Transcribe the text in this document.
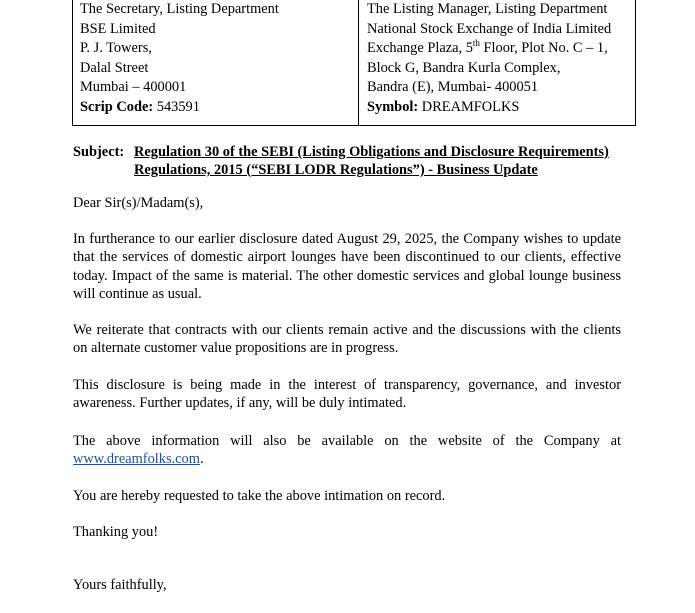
The Secretary, Listing Department
BSE Limited
P. J. Towers,
Dalal Street
Mumbai – 400001
Scrip Code: 543591
The Listing Manager, Listing Department
National Stock Exchange of India Limited
Exchange Plaza, 5th Floor, Plot No. C – 1,
Block G, Bandra Kurla Complex,
Bandra (E), Mumbai- 400051
Symbol: DREAMFOLKS
Subject: Regulation 30 of the SEBI (Listing Obligations and Disclosure Requirements) Regulations, 2015 (“SEBI LODR Regulations”) - Business Update
Dear Sir(s)/Madam(s),
In furtherance to our earlier disclosure dated August 29, 2025, the Company wishes to update that the services of domestic airport lounges have been discontinued to our clients, effective today. Impact of the same is material. The other domestic services and global lounge business will continue as usual.
We reiterate that contracts with our clients remain active and the discussions with the clients on alternate customer value propositions are in progress.
This disclosure is being made in the interest of transparency, governance, and investor awareness. Further updates, if any, will be duly intimated.
The above information will also be available on the website of the Company at www.dreamfolks.com.
You are hereby requested to take the above intimation on record.
Thanking you!
Yours faithfully,
